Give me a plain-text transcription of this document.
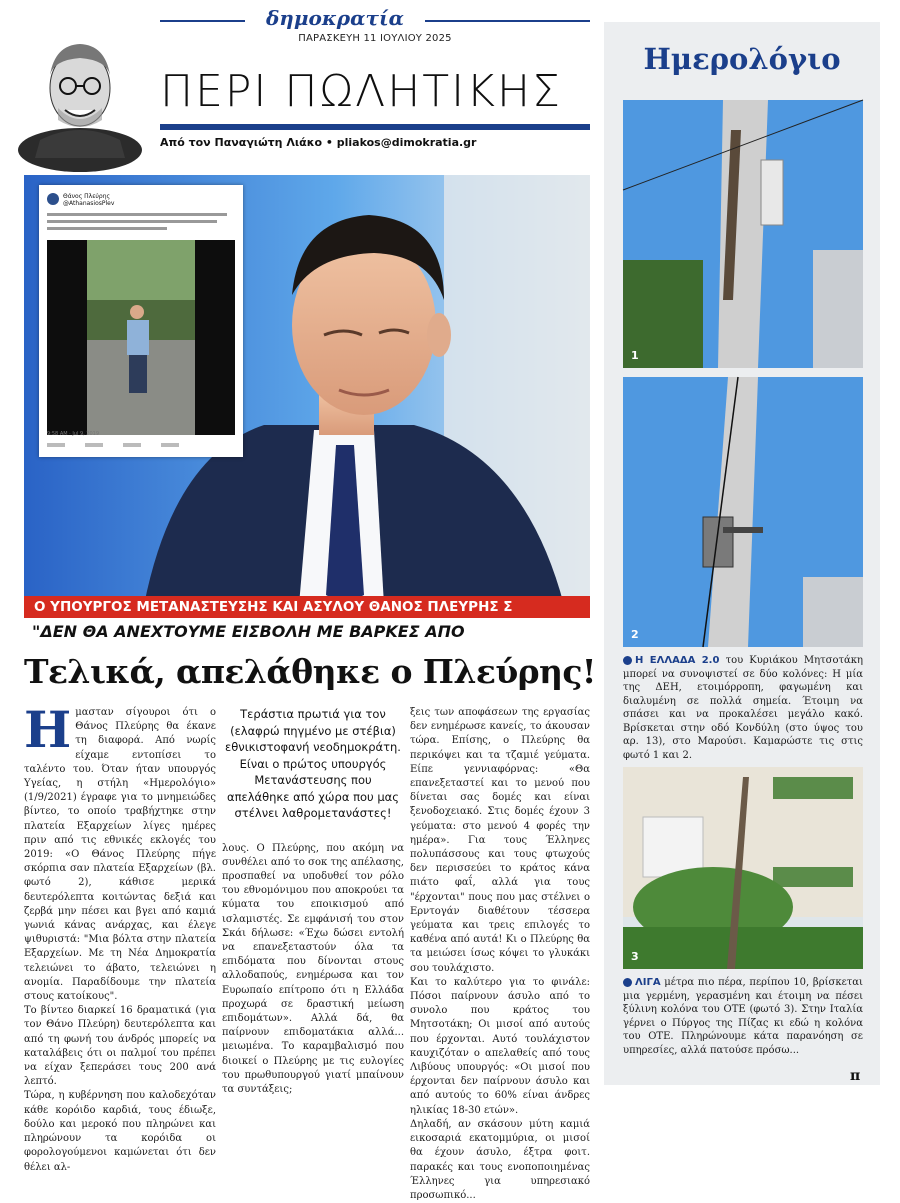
δημοκρατία
ΠΑΡΑΣΚΕΥΗ 11 ΙΟΥΛΙΟΥ 2025
ΠΕΡΙ ΠΩΛΗΤΙΚΗΣ
Από τον Παναγιώτη Λιάκο • pliakos@dimokratia.gr
Θάνος Πλεύρης
@AthanasiosPlev
9:58 AM · Jul 9, 2019
Ο ΥΠΟΥΡΓΟΣ ΜΕΤΑΝΑΣΤΕΥΣΗΣ ΚΑΙ ΑΣΥΛΟΥ ΘΑΝΟΣ ΠΛΕΥΡΗΣ Σ
"ΔΕΝ ΘΑ ΑΝΕΧΤΟΥΜΕ ΕΙΣΒΟΛΗ ΜΕ ΒΑΡΚΕΣ ΑΠΟ
Τελικά, απελάθηκε ο Πλεύρης!

Ημασταν σίγουροι ότι ο Θάνος Πλεύρης θα έκανε τη διαφορά. Από νωρίς είχαμε εντοπίσει το ταλέντο του. Όταν ήταν υπουργός Υγείας, η στήλη «Ημερολόγιο» (1/9/2021) έγραφε για το μνημειώδες βίντεο, το οποίο τραβήχτηκε στην πλατεία Εξαρχείων λίγες ημέρες πριν από τις εθνικές εκλογές του 2019: «Ο Θάνος Πλεύρης πήγε σκόρπια σαν πλατεία Εξαρχείων (βλ. φωτό 2), κάθισε μερικά δευτερόλεπτα κοιτώντας δεξιά και ζερβά μην πέσει και βγει από καμιά γωνιά κάνας ανάρχας, και έλεγε ψιθυριστά: "Μια βόλτα στην πλατεία Εξαρχείων. Με τη Νέα Δημοκρατία τελειώνει το άβατο, τελειώνει η ανομία. Παραδίδουμε την πλατεία στους κατοίκους".

Το βίντεο διαρκεί 16 δραματικά (για τον Θάνο Πλεύρη) δευτερόλεπτα και από τη φωνή του άνδρός μπορείς να καταλάβεις ότι οι παλμοί του πρέπει να είχαν ξεπεράσει τους 200 ανά λεπτό.

Τώρα, η κυβέρνηση που καλοδεχόταν κάθε κορόιδο καρδιά, τους έδιωξε, δούλο και μεροκό που πληρώνει και πληρώνουν τα κορόιδα οι φορολογούμενοι καμώνεται ότι δεν θέλει αλ-

Τεράστια πρωτιά για τον (ελαφρώ πηγμένο με στέβια) εθνικιστοφανή νεοδημοκράτη. Είναι ο πρώτος υπουργός Μετανάστευσης που απελάθηκε από χώρα που μας στέλνει λαθρομετανάστες!

λους. Ο Πλεύρης, που ακόμη να συνθέλει από το σοκ της απέλασης, προσπαθεί να υποδυθεί τον ρόλο του εθνομόνιμου που αποκρούει τα κύματα του εποικισμού από ισλαμιστές. Σε εμφάνισή του στον Σκάι δήλωσε: «Έχω δώσει εντολή να επανεξεταστούν όλα τα επιδόματα που δίνονται στους αλλοδαπούς, ενημέρωσα και τον Ευρωπαίο επίτροπο ότι η Ελλάδα προχωρά σε δραστική μείωση επιδομάτων». Αλλά δά, θα παίρνουν επιδοματάκια αλλά... μειωμένα. Το καραμβαλισμό που διοικεί ο Πλεύρης με τις ευλογίες του πρωθυπουργού γιατί μπαίνουν τα συντάξεις;

ξεις των αποφάσεων της εργασίας δεν ενημέρωσε κανείς, το άκουσαν τώρα. Επίσης, ο Πλεύρης θα περικόψει και τα τζαμιέ γεύματα. Είπε γεννιαφόρνας: «Θα επανεξεταστεί και το μενού που δίνεται σας δομές και είναι ξενοδοχειακό. Στις δομές έχουν 3 γεύματα: στο μενού 4 φορές την ημέρα». Για τους Έλληνες πολυπάσσους και τους φτωχούς δεν περισσεύει το κράτος κάνα πιάτο φαΐ, αλλά για τους "έρχονται" πους που μας στέλνει ο Ερντογάν διαθέτουν τέσσερα γεύματα και τρεις επιλογές το καθένα από αυτά! Κι ο Πλεύρης θα τα μειώσει ίσως κόψει το γλυκάκι σου τουλάχιστο.

Και το καλύτερο για το φινάλε: Πόσοι παίρνουν άσυλο από το συνολο που κράτος του Μητσοτάκη; Οι μισοί από αυτούς που έρχονται. Αυτό τουλάχιστον καυχιζόταν ο απελαθείς από τους Λιβύους υπουργός: «Οι μισοί που έρχονται δεν παίρνουν άσυλο και από αυτούς το 60% είναι άνδρες ηλικίας 18-30 ετών».

Δηλαδή, αν σκάσουν μύτη καμιά εικοσαριά εκατομμύρια, οι μισοί θα έχουν άσυλο, έξτρα φοιτ. παρακές και τους ενοποποιημένας Έλληνες για υπηρεσιακό προσωπικό...

Ημερολόγιο
1
2
Η ΕΛΛΑΔΑ 2.0 του Κυριάκου Μητσοτάκη μπορεί να συνοψιστεί σε δύο κολόνες: Η μία της ΔΕΗ, ετοιμόρροπη, φαγωμένη και διαλυμένη σε πολλά σημεία. Έτοιμη να σπάσει και να προκαλέσει μεγάλο κακό. Βρίσκεται στην οδό Κονδύλη (στο ύψος του αρ. 13), στο Μαρούσι. Καμαρώστε τις στις φωτό 1 και 2.
3
ΛΙΓΑ μέτρα πιο πέρα, περίπου 10, βρίσκεται μια γερμένη, γερασμένη και έτοιμη να πέσει ξύλινη κολόνα του ΟΤΕ (φωτό 3). Στην Ιταλία γέρνει ο Πύργος της Πίζας κι εδώ η κολόνα του ΟΤΕ. Πληρώνουμε κάτα παρανόηση σε υπηρεσίες, αλλά πατούσε πρόσω...
π
